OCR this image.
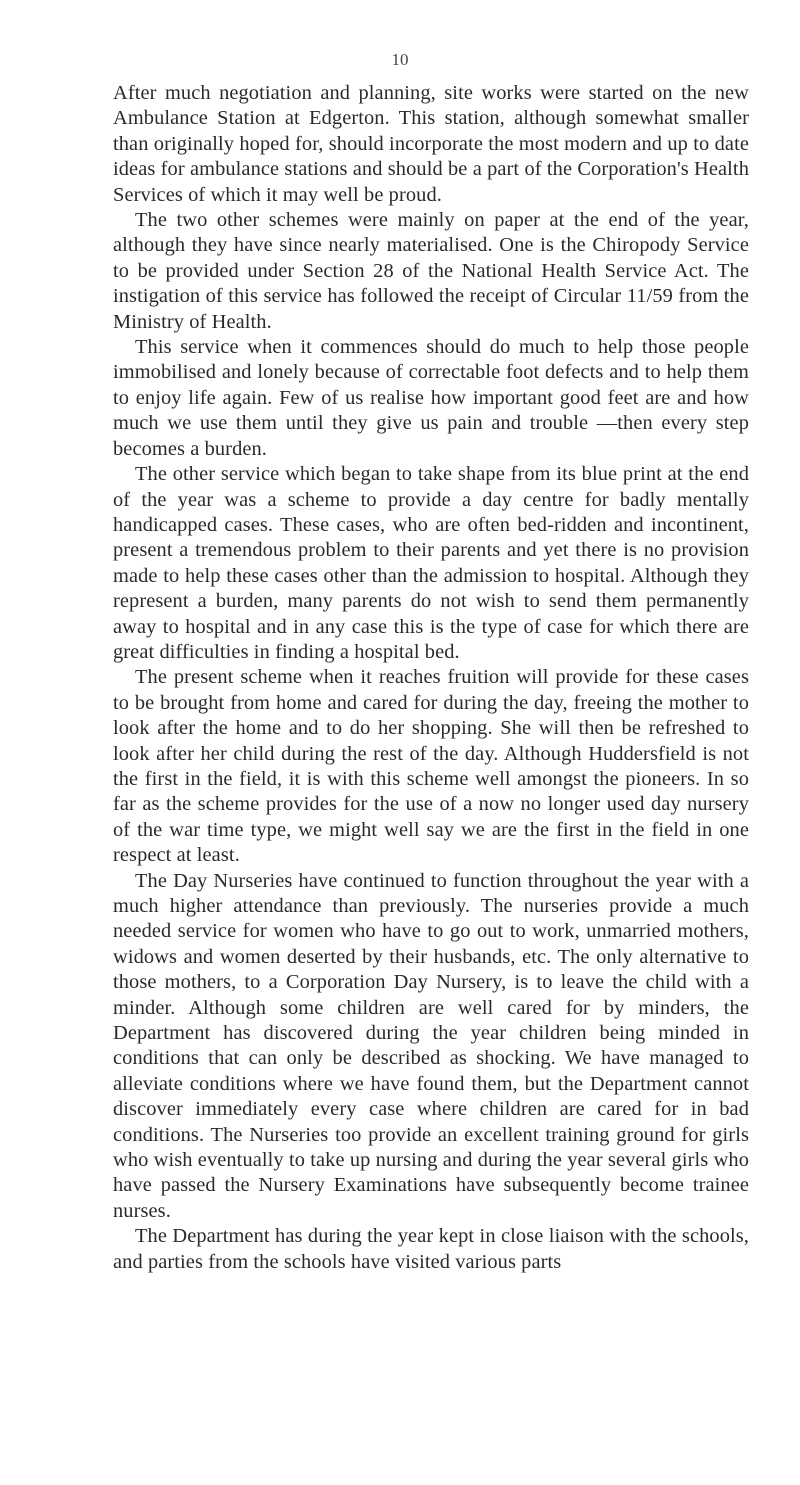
10

After much negotiation and planning, site works were started on the new Ambulance Station at Edgerton. This station, although somewhat smaller than originally hoped for, should incorporate the most modern and up to date ideas for ambulance stations and should be a part of the Corporation's Health Services of which it may well be proud.

The two other schemes were mainly on paper at the end of the year, although they have since nearly materialised. One is the Chiropody Service to be provided under Section 28 of the National Health Service Act. The instigation of this service has followed the receipt of Circular 11/59 from the Ministry of Health.

This service when it commences should do much to help those people immobilised and lonely because of correctable foot defects and to help them to enjoy life again. Few of us realise how important good feet are and how much we use them until they give us pain and trouble —then every step becomes a burden.

The other service which began to take shape from its blue print at the end of the year was a scheme to provide a day centre for badly mentally handicapped cases. These cases, who are often bed-ridden and incontinent, present a tremendous problem to their parents and yet there is no provision made to help these cases other than the admission to hospital. Although they represent a burden, many parents do not wish to send them permanently away to hospital and in any case this is the type of case for which there are great difficulties in finding a hospital bed.

The present scheme when it reaches fruition will provide for these cases to be brought from home and cared for during the day, freeing the mother to look after the home and to do her shopping. She will then be refreshed to look after her child during the rest of the day. Although Huddersfield is not the first in the field, it is with this scheme well amongst the pioneers. In so far as the scheme provides for the use of a now no longer used day nursery of the war time type, we might well say we are the first in the field in one respect at least.

The Day Nurseries have continued to function throughout the year with a much higher attendance than previously. The nurseries provide a much needed service for women who have to go out to work, unmarried mothers, widows and women deserted by their husbands, etc. The only alternative to those mothers, to a Corporation Day Nursery, is to leave the child with a minder. Although some children are well cared for by minders, the Department has discovered during the year children being minded in conditions that can only be described as shocking. We have managed to alleviate conditions where we have found them, but the Department cannot discover immediately every case where children are cared for in bad conditions. The Nurseries too provide an excellent training ground for girls who wish eventually to take up nursing and during the year several girls who have passed the Nursery Examinations have subsequently become trainee nurses.

The Department has during the year kept in close liaison with the schools, and parties from the schools have visited various parts
